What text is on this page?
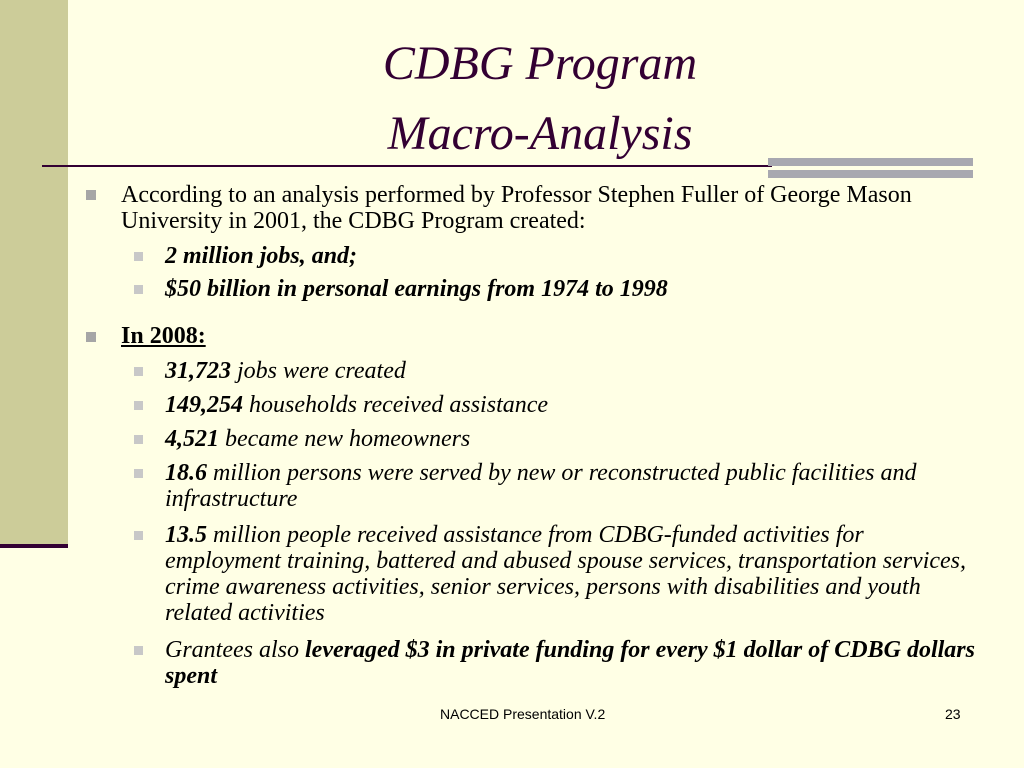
CDBG Program
Macro-Analysis

According to an analysis performed by Professor Stephen Fuller of George Mason University in 2001, the CDBG Program created:

2 million jobs, and;

$50 billion in personal earnings from 1974 to 1998

In 2008:

31,723 jobs were created

149,254 households received assistance

4,521 became new homeowners

18.6 million persons were served by new or reconstructed public facilities and infrastructure

13.5 million people received assistance from CDBG-funded activities for employment training, battered and abused spouse services, transportation services, crime awareness activities, senior services, persons with disabilities and youth related activities

Grantees also leveraged $3 in private funding for every $1 dollar of CDBG dollars spent

NACCED Presentation V.2	23
